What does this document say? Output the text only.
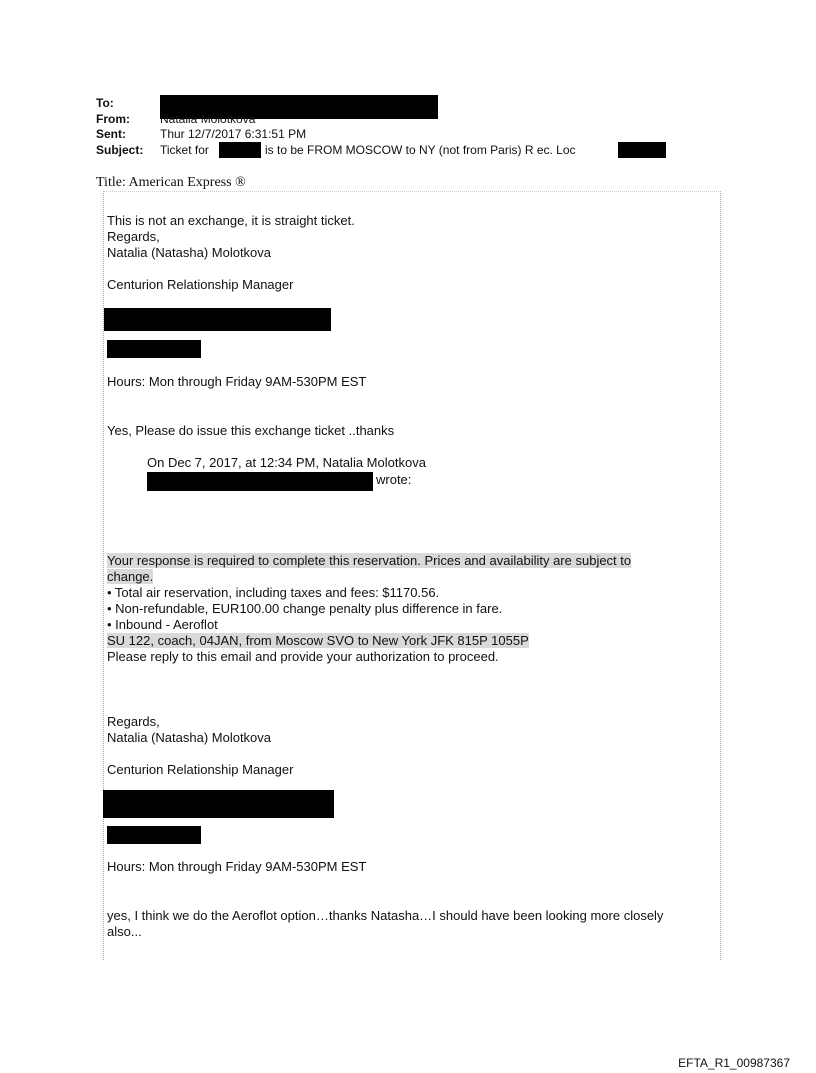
To:
From:	Natalia Molotkova
Sent:	Thur 12/7/2017 6:31:51 PM
Subject: Ticket for	is to be FROM MOSCOW to NY (not from Paris) R ec. Loc
Title: American Express ®
This is not an exchange, it is straight ticket.
Regards,
Natalia (Natasha) Molotkova
Centurion Relationship Manager
Hours: Mon through Friday 9AM-530PM EST
Yes, Please do issue this exchange ticket ..thanks
On Dec 7, 2017, at 12:34 PM, Natalia Molotkova
wrote:
Your response is required to complete this reservation. Prices and availability are subject to
change.
• Total air reservation, including taxes and fees: $1170.56.
• Non-refundable, EUR100.00 change penalty plus difference in fare.
• Inbound - Aeroflot
SU 122, coach, 04JAN, from Moscow SVO to New York JFK 815P 1055P
Please reply to this email and provide your authorization to proceed.
Regards,
Natalia (Natasha) Molotkova
Centurion Relationship Manager
Hours: Mon through Friday 9AM-530PM EST
yes, I think we do the Aeroflot option…thanks Natasha…I should have been looking more closely
also...
EFTA_R1_00987367
